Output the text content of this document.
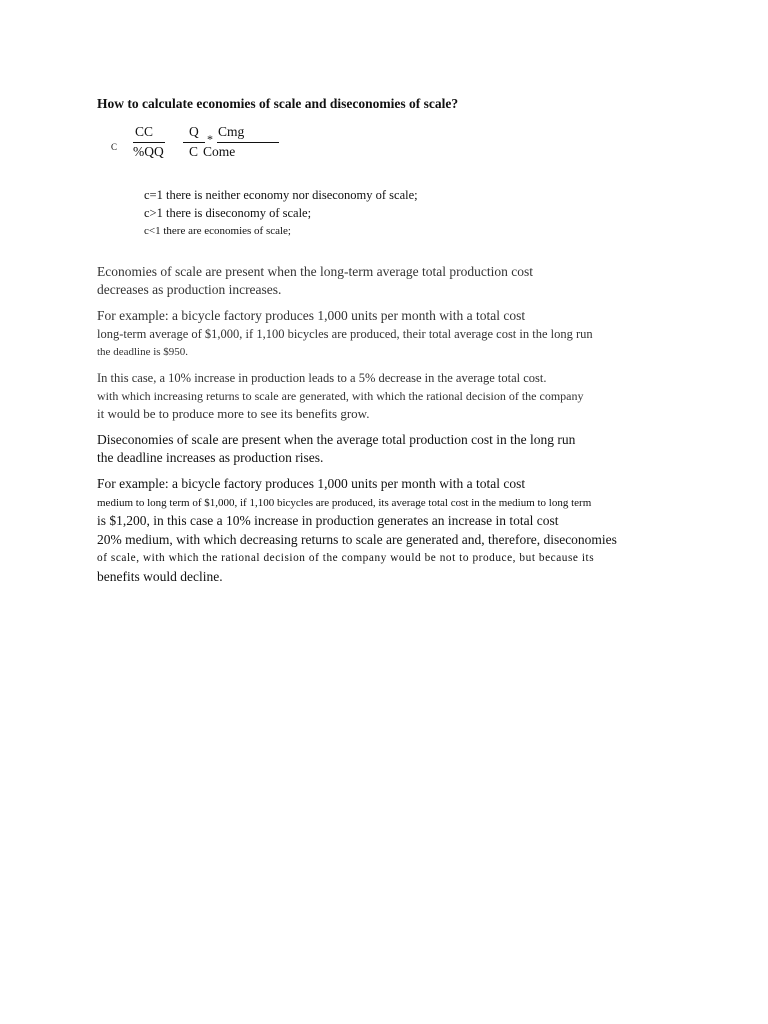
How to calculate economies of scale and diseconomies of scale?
C
CC
%QQ
Q
C
* Cmg
Come
c=1 there is neither economy nor diseconomy of scale;
c>1 there is diseconomy of scale;
c<1 there are economies of scale;

Economies of scale are present when the long-term average total production cost
decreases as production increases.

For example: a bicycle factory produces 1,000 units per month with a total cost
long-term average of $1,000, if 1,100 bicycles are produced, their total average cost in the long run
the deadline is $950.

In this case, a 10% increase in production leads to a 5% decrease in the average total cost.
with which increasing returns to scale are generated, with which the rational decision of the company
it would be to produce more to see its benefits grow.

Diseconomies of scale are present when the average total production cost in the long run
the deadline increases as production rises.

For example: a bicycle factory produces 1,000 units per month with a total cost
medium to long term of $1,000, if 1,100 bicycles are produced, its average total cost in the medium to long term
is $1,200, in this case a 10% increase in production generates an increase in total cost
20% medium, with which decreasing returns to scale are generated and, therefore, diseconomies
of scale, with which the rational decision of the company would be not to produce, but because its
benefits would decline.
